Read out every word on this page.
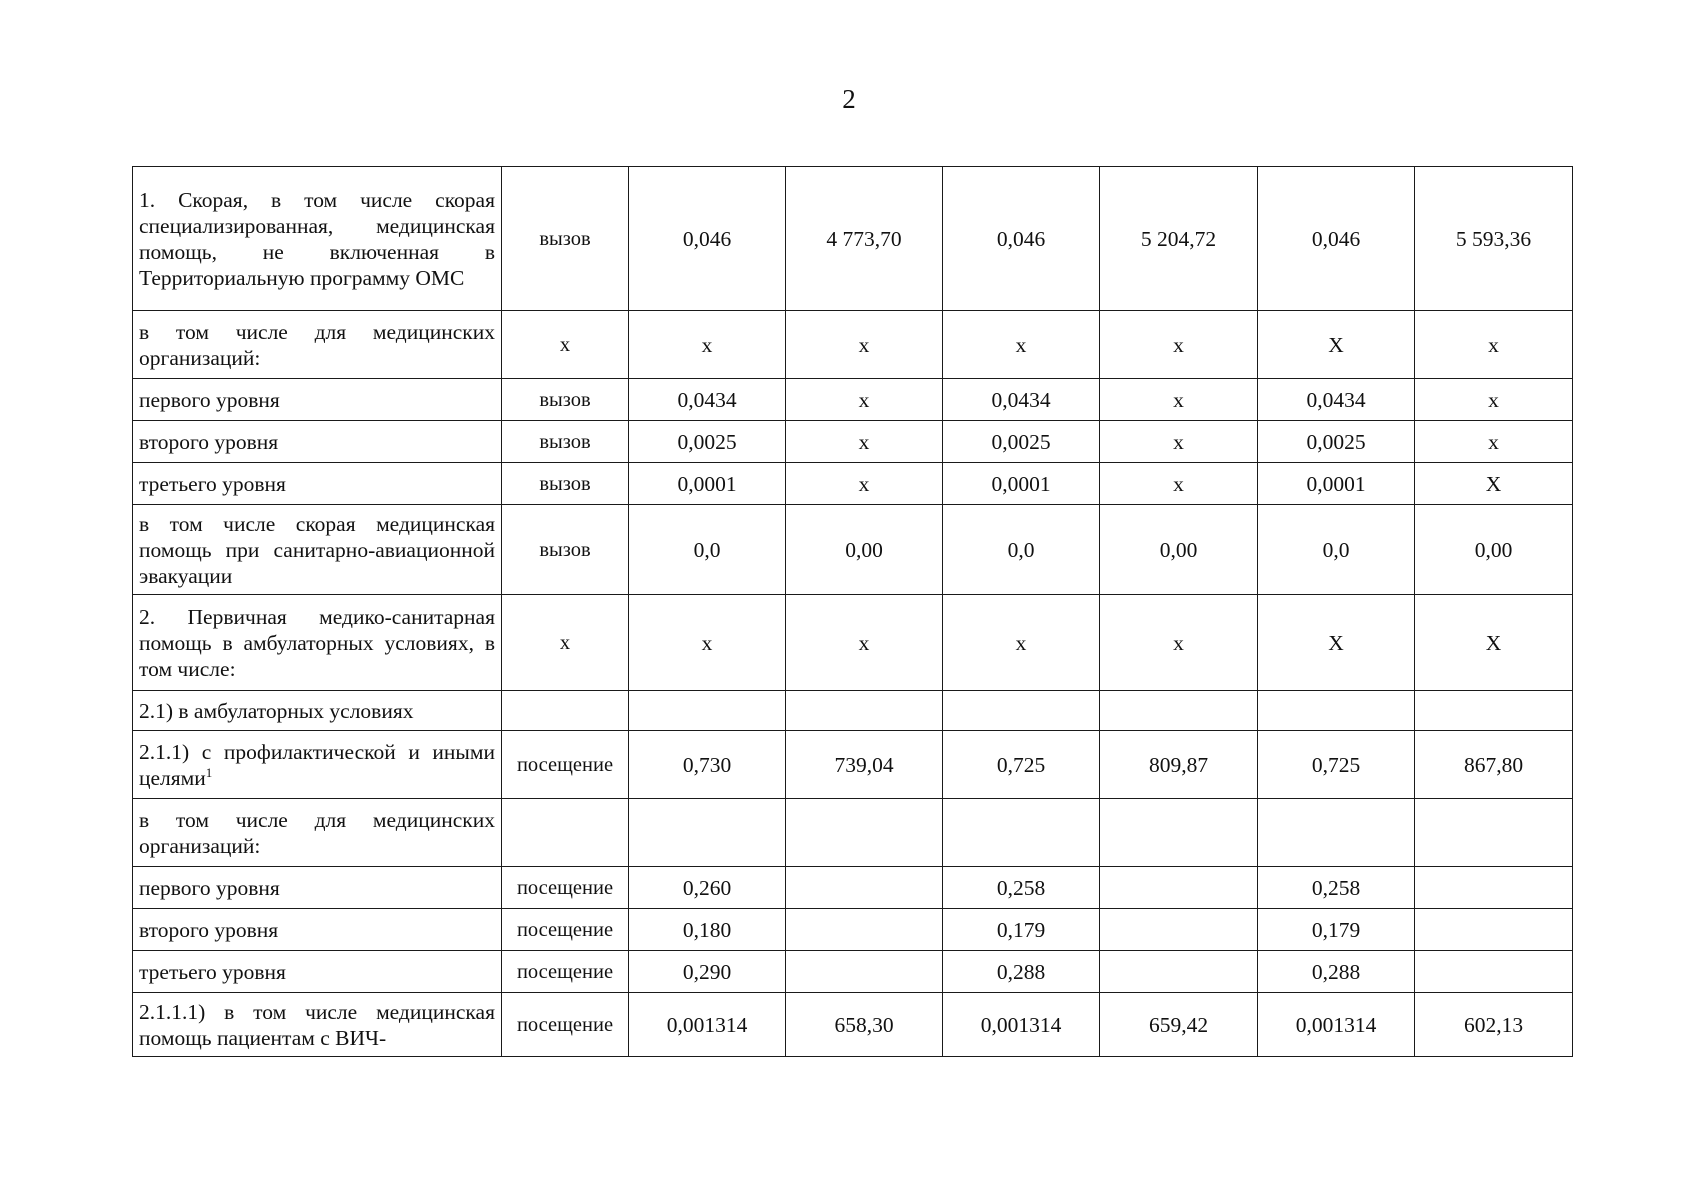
2
1. Скорая, в том числе скорая специализированная, медицинская помощь, не включенная в Территориальную программу ОМС	вызов	0,046	4 773,70	0,046	5 204,72	0,046	5 593,36
в том числе для медицинских организаций:	х	х	х	х	х	Х	х
первого уровня	вызов	0,0434	х	0,0434	х	0,0434	х
второго уровня	вызов	0,0025	х	0,0025	х	0,0025	х
третьего уровня	вызов	0,0001	х	0,0001	х	0,0001	Х
в том числе скорая медицинская помощь при санитарно-авиационной эвакуации	вызов	0,0	0,00	0,0	0,00	0,0	0,00
2. Первичная медико-санитарная помощь в амбулаторных условиях, в том числе:	х	х	х	х	х	Х	Х
2.1) в амбулаторных условиях							
2.1.1) с профилактической и иными целями$^1$	посещение	0,730	739,04	0,725	809,87	0,725	867,80
в том числе для медицинских организаций:							
первого уровня	посещение	0,260		0,258		0,258	
второго уровня	посещение	0,180		0,179		0,179	
третьего уровня	посещение	0,290		0,288		0,288	
2.1.1.1) в том числе медицинская помощь пациентам с ВИЧ-	посещение	0,001314	658,30	0,001314	659,42	0,001314	602,13
